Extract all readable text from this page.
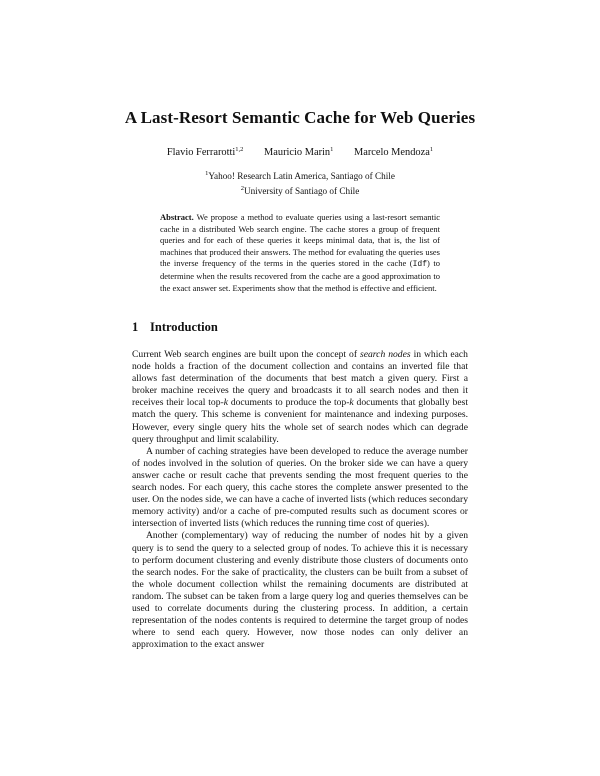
A Last-Resort Semantic Cache for Web Queries
Flavio Ferrarotti$^{1,2}$ Mauricio Marin$^1$ Marcelo Mendoza$^1$
$^1$Yahoo! Research Latin America, Santiago of Chile
$^2$University of Santiago of Chile
Abstract. We propose a method to evaluate queries using a last-resort semantic cache in a distributed Web search engine. The cache stores a group of frequent queries and for each of these queries it keeps minimal data, that is, the list of machines that produced their answers. The method for evaluating the queries uses the inverse frequency of the terms in the queries stored in the cache (Idf) to determine when the results recovered from the cache are a good approximation to the exact answer set. Experiments show that the method is effective and efficient.
1 Introduction

Current Web search engines are built upon the concept of search nodes in which each node holds a fraction of the document collection and contains an inverted file that allows fast determination of the documents that best match a given query. First a broker machine receives the query and broadcasts it to all search nodes and then it receives their local top-k documents to produce the top-k documents that globally best match the query. This scheme is convenient for maintenance and indexing purposes. However, every single query hits the whole set of search nodes which can degrade query throughput and limit scalability.

A number of caching strategies have been developed to reduce the average number of nodes involved in the solution of queries. On the broker side we can have a query answer cache or result cache that prevents sending the most frequent queries to the search nodes. For each query, this cache stores the complete answer presented to the user. On the nodes side, we can have a cache of inverted lists (which reduces secondary memory activity) and/or a cache of pre-computed results such as document scores or intersection of inverted lists (which reduces the running time cost of queries).

Another (complementary) way of reducing the number of nodes hit by a given query is to send the query to a selected group of nodes. To achieve this it is necessary to perform document clustering and evenly distribute those clusters of documents onto the search nodes. For the sake of practicality, the clusters can be built from a subset of the whole document collection whilst the remaining documents are distributed at random. The subset can be taken from a large query log and queries themselves can be used to correlate documents during the clustering process. In addition, a certain representation of the nodes contents is required to determine the target group of nodes where to send each query. However, now those nodes can only deliver an approximation to the exact answer
